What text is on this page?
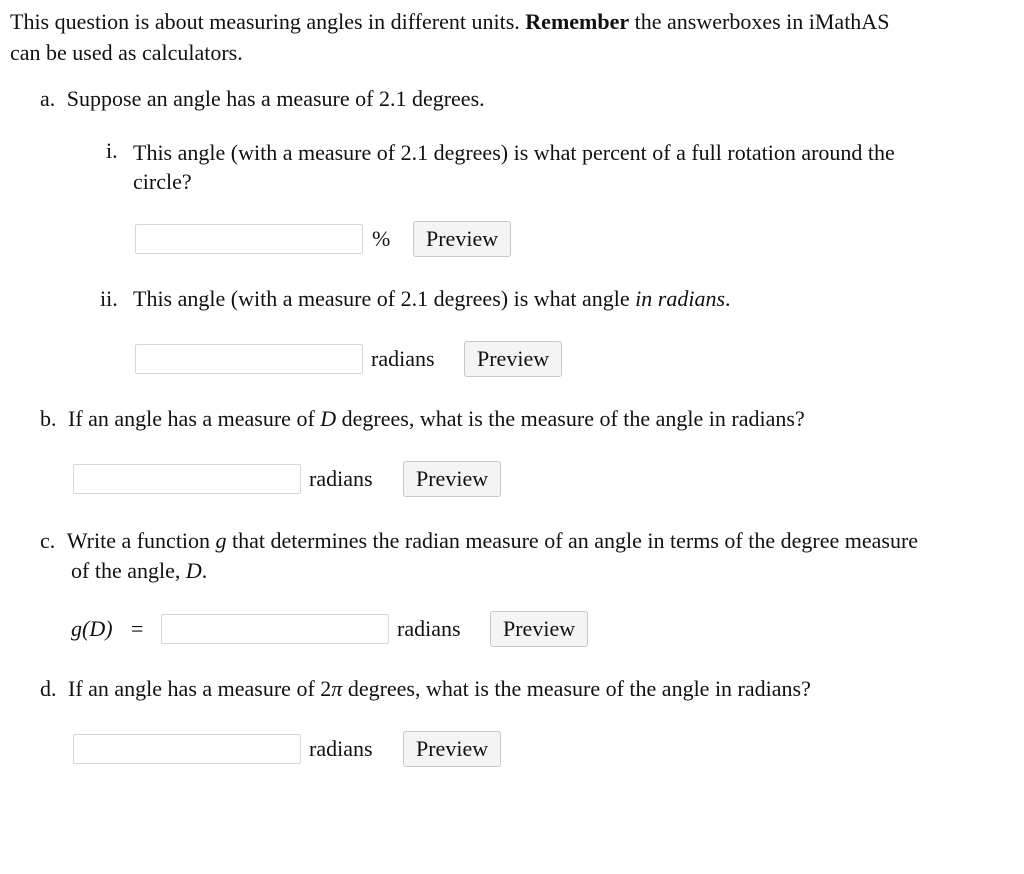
This question is about measuring angles in different units. Remember the answerboxes in iMathAS
can be used as calculators.
a. Suppose an angle has a measure of 2.1 degrees.
i. This angle (with a measure of 2.1 degrees) is what percent of a full rotation around the
circle?
%	Preview
ii. This angle (with a measure of 2.1 degrees) is what angle in radians.
radians	Preview
b. If an angle has a measure of D degrees, what is the measure of the angle in radians?
radians	Preview
c. Write a function g that determines the radian measure of an angle in terms of the degree measure
of the angle, D.
g(D) =	radians	Preview
d. If an angle has a measure of 2π degrees, what is the measure of the angle in radians?
radians	Preview
